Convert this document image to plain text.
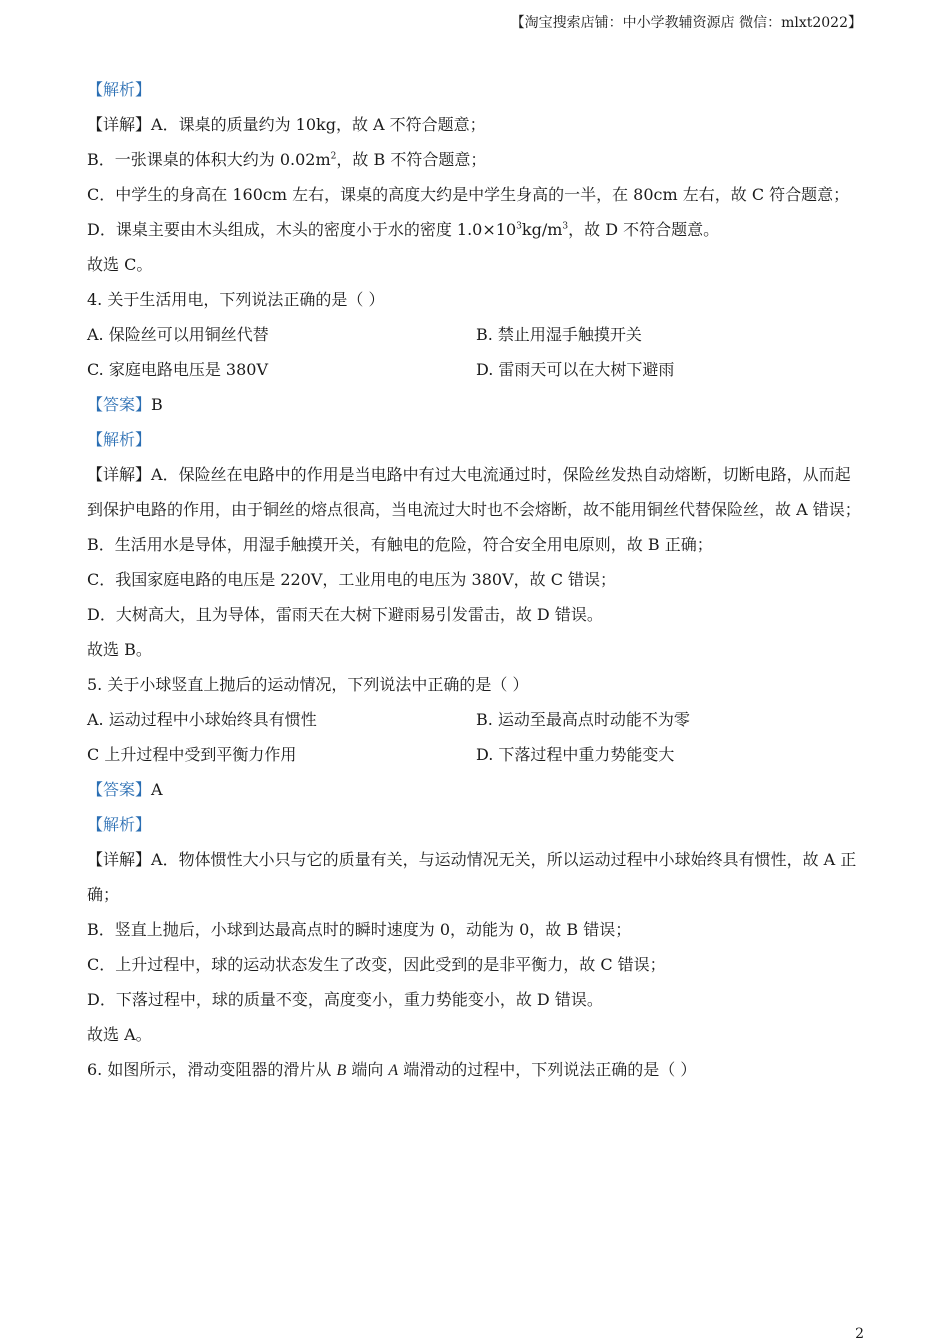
【淘宝搜索店铺：中小学教辅资源店 微信：mlxt2022】
【解析】
【详解】A．课桌的质量约为 10kg，故 A 不符合题意；
B．一张课桌的体积大约为 $0.02m^2$，故 B 不符合题意；
C．中学生的身高在 160cm 左右，课桌的高度大约是中学生身高的一半，在 80cm 左右，故 C 符合题意；
D．课桌主要由木头组成，木头的密度小于水的密度 $1.0\times 10^3kg/m^3$，故 D 不符合题意。
故选 C。
4. 关于生活用电，下列说法正确的是（ ）
A. 保险丝可以用铜丝代替	B. 禁止用湿手触摸开关
C. 家庭电路电压是 380V	D. 雷雨天可以在大树下避雨
【答案】B
【解析】
【详解】A．保险丝在电路中的作用是当电路中有过大电流通过时，保险丝发热自动熔断，切断电路，从而起到保护电路的作用，由于铜丝的熔点很高，当电流过大时也不会熔断，故不能用铜丝代替保险丝，故 A 错误；
B．生活用水是导体，用湿手触摸开关，有触电的危险，符合安全用电原则，故 B 正确；
C．我国家庭电路的电压是 220V，工业用电的电压为 380V，故 C 错误；
D．大树高大，且为导体，雷雨天在大树下避雨易引发雷击，故 D 错误。
故选 B。
5. 关于小球竖直上抛后的运动情况，下列说法中正确的是（ ）
A. 运动过程中小球始终具有惯性	B. 运动至最高点时动能不为零
C 上升过程中受到平衡力作用	D. 下落过程中重力势能变大
【答案】A
【解析】
【详解】A．物体惯性大小只与它的质量有关，与运动情况无关，所以运动过程中小球始终具有惯性，故 A 正确；
B．竖直上抛后，小球到达最高点时的瞬时速度为 0，动能为 0，故 B 错误；
C．上升过程中，球的运动状态发生了改变，因此受到的是非平衡力，故 C 错误；
D．下落过程中，球的质量不变，高度变小，重力势能变小，故 D 错误。
故选 A。
6. 如图所示，滑动变阻器的滑片从 B 端向 A 端滑动的过程中，下列说法正确的是（ ）
2
